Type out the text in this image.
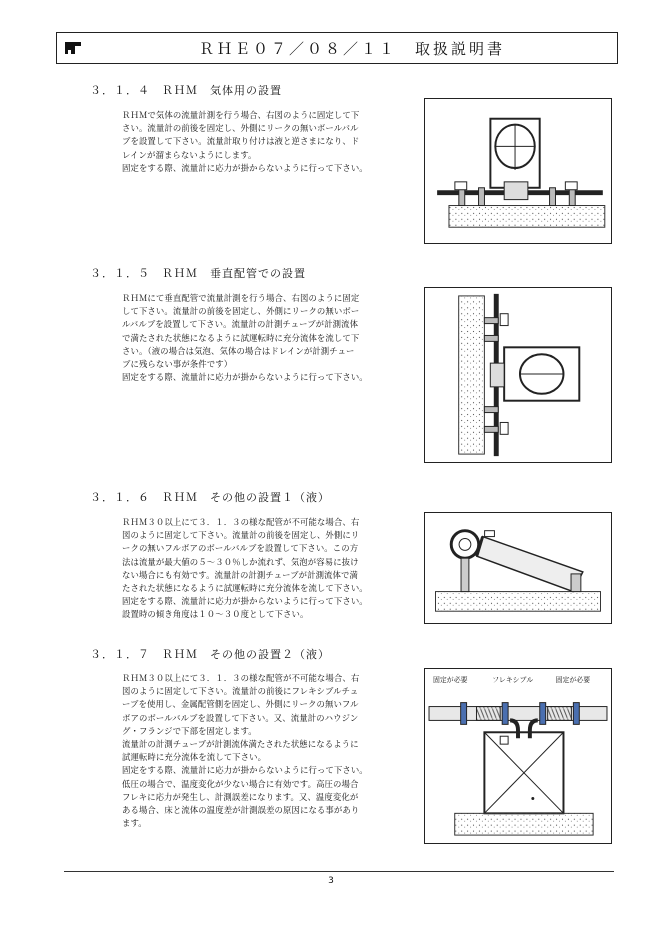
ＲＨＥ０７／０８／１１　取扱説明書
３．１．４　ＲＨＭ　気体用の設置
ＲＨＭで気体の流量計測を行う場合、右図のように固定して下
さい。流量計の前後を固定し、外側にリークの無いボールバル
ブを設置して下さい。流量計取り付けは液と逆さまになり、ド
レインが溜まらないようにします。
固定をする際、流量計に応力が掛からないように行って下さい。
３．１．５　ＲＨＭ　垂直配管での設置
ＲＨＭにて垂直配管で流量計測を行う場合、右図のように固定
して下さい。流量計の前後を固定し、外側にリークの無いボー
ルバルブを設置して下さい。流量計の計測チューブが計測流体
で満たされた状態になるように試運転時に充分流体を流して下
さい。（液の場合は気泡、気体の場合はドレインが計測チュー
ブに残らない事が条件です）
固定をする際、流量計に応力が掛からないように行って下さい。
３．１．６　ＲＨＭ　その他の設置１（液）
ＲＨＭ３０以上にて３．１．３の様な配管が不可能な場合、右
図のように固定して下さい。流量計の前後を固定し、外側にリ
ークの無いフルボアのボールバルブを設置して下さい。この方
法は流量が最大値の５～３０％しか流れず、気泡が容易に抜け
ない場合にも有効です。流量計の計測チューブが計測流体で満
たされた状態になるように試運転時に充分流体を流して下さい。
固定をする際、流量計に応力が掛からないように行って下さい。
設置時の傾き角度は１０～３０度として下さい。
３．１．７　ＲＨＭ　その他の設置２（液）
ＲＨＭ３０以上にて３．１．３の様な配管が不可能な場合、右
図のように固定して下さい。流量計の前後にフレキシブルチュ
ーブを使用し、金属配管側を固定し、外側にリークの無いフル
ボアのボールバルブを設置して下さい。又、流量計のハウジン
グ・フランジで下部を固定します。
流量計の計測チューブが計測流体満たされた状態になるように
試運転時に充分流体を流して下さい。
固定をする際、流量計に応力が掛からないように行って下さい。
低圧の場合で、温度変化が少ない場合に有効です。高圧の場合
フレキに応力が発生し、計測誤差になります。又、温度変化が
ある場合、床と流体の温度差が計測誤差の原因になる事があり
ます。
固定が必要	フレキシブル	固定が必要
3
